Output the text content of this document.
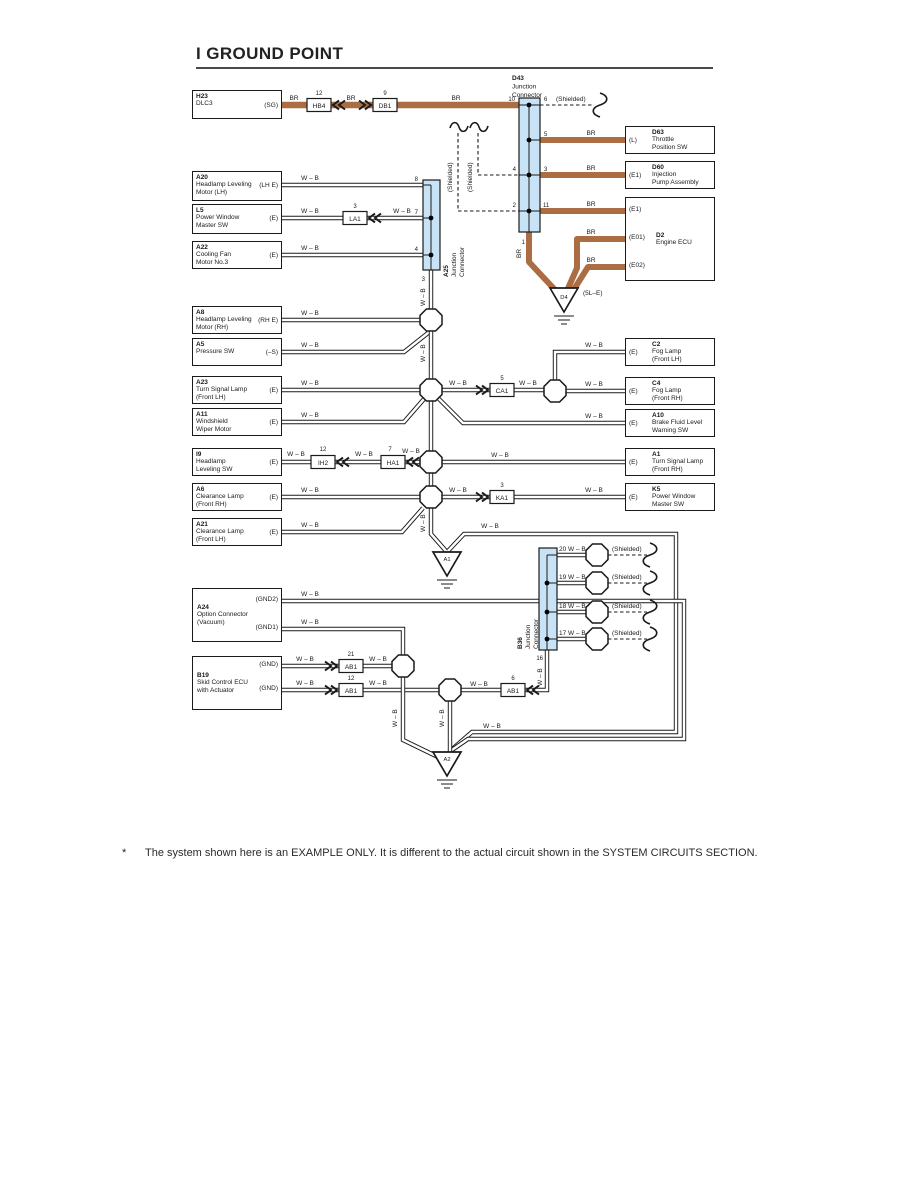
I GROUND POINT
BR
12
HB4
BR
9
DB1
BR	10
D43
Junction
Connector
6 (Shielded)
5	BR
4	3	BR
2	11	BR
BR
BR
1
BR
(Shielded) (Shielded)
D4
(5L–E)
W – B	8
W – B
3
LA1
W – B 7
W – B	4
3
W – B
A25 Junction Connector
W – B
W – B
W – B
W – B	W – B
5
CA1
W – B
W – B
W – B
W – B
W – B
W – B
12
IH2
W – B
7
HA1
W – B
W – B
W – B	W – B
3
KA1
W – B
W – B	W – B	W – B
A1
B36 Junction Connector
20 W – B
19 W – B
18 W – B
17 W – B
(Shielded)
(Shielded)
(Shielded)
(Shielded)
16
W – B
W – B
W – B
W – B
21
AB1
W – B
W – B
12
AB1
W – B	W – B
6
AB1
W – B	W – B	W – B
A2
H23
DLC3	(SG)
A20
Headlamp Leveling
Motor (LH)
(LH E)
L5
Power Window
Master SW
(E)
A22
Cooling Fan
Motor No.3
(E)
A8
Headlamp Leveling
Motor (RH)
(RH E)
A5
Pressure SW	(–S)
A23
Turn Signal Lamp
(Front LH)
(E)
A11
Windshield
Wiper Motor
(E)
I9
Headlamp
Leveling SW
(E)
A6
Clearance Lamp
(Front RH)
(E)
A21
Clearance Lamp
(Front LH)
(E)
A24
Option Connector
(Vacuum)
(GND2)
(GND1)
B19
Skid Control ECU
with Actuator
(GND)
(GND)
D63
Throttle
Position SW
(L)
D60
Injection
Pump Assembly
(E1)
D2
Engine ECU
(E1)
(E01)
(E02)
C2
Fog Lamp
(Front LH)
(E)
C4
Fog Lamp
(Front RH)
(E)
A10
Brake Fluid Level
Warning SW
(E)
A1
Turn Signal Lamp
(Front RH)
(E)
K5
Power Window
Master SW
(E)
* The system shown here is an EXAMPLE ONLY. It is different to the actual circuit shown in the SYSTEM CIRCUITS SECTION.
